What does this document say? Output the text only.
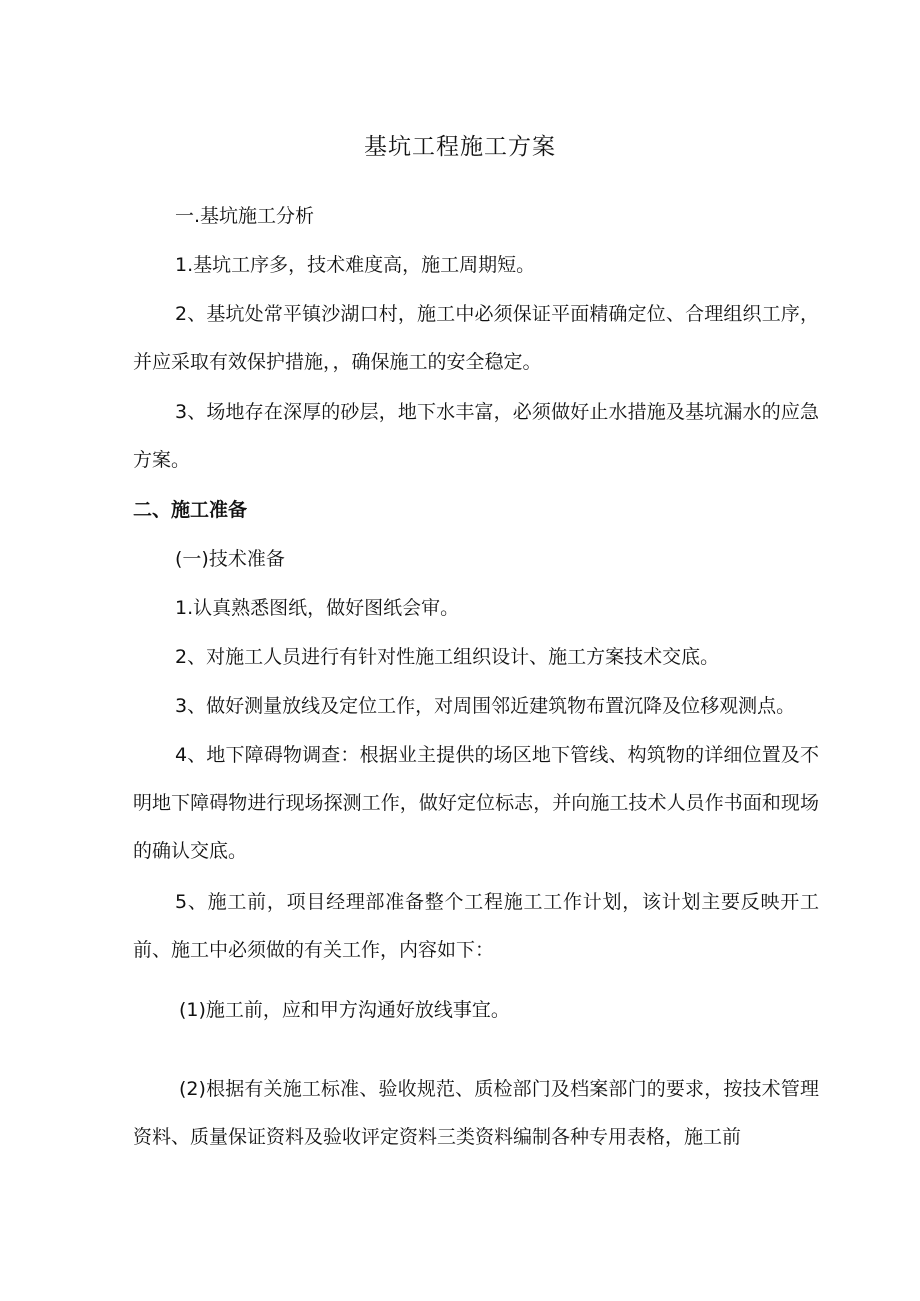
基坑工程施工方案

一.基坑施工分析

1.基坑工序多，技术难度高，施工周期短。

2、基坑处常平镇沙湖口村，施工中必须保证平面精确定位、合理组织工序，并应采取有效保护措施，，确保施工的安全稳定。

3、场地存在深厚的砂层，地下水丰富，必须做好止水措施及基坑漏水的应急方案。

二、施工准备

(一)技术准备

1.认真熟悉图纸，做好图纸会审。

2、对施工人员进行有针对性施工组织设计、施工方案技术交底。

3、做好测量放线及定位工作，对周围邻近建筑物布置沉降及位移观测点。

4、地下障碍物调查：根据业主提供的场区地下管线、构筑物的详细位置及不明地下障碍物进行现场探测工作，做好定位标志，并向施工技术人员作书面和现场的确认交底。

5、施工前，项目经理部准备整个工程施工工作计划，该计划主要反映开工前、施工中必须做的有关工作，内容如下：

(1)施工前，应和甲方沟通好放线事宜。

(2)根据有关施工标准、验收规范、质检部门及档案部门的要求，按技术管理资料、质量保证资料及验收评定资料三类资料编制各种专用表格，施工前
